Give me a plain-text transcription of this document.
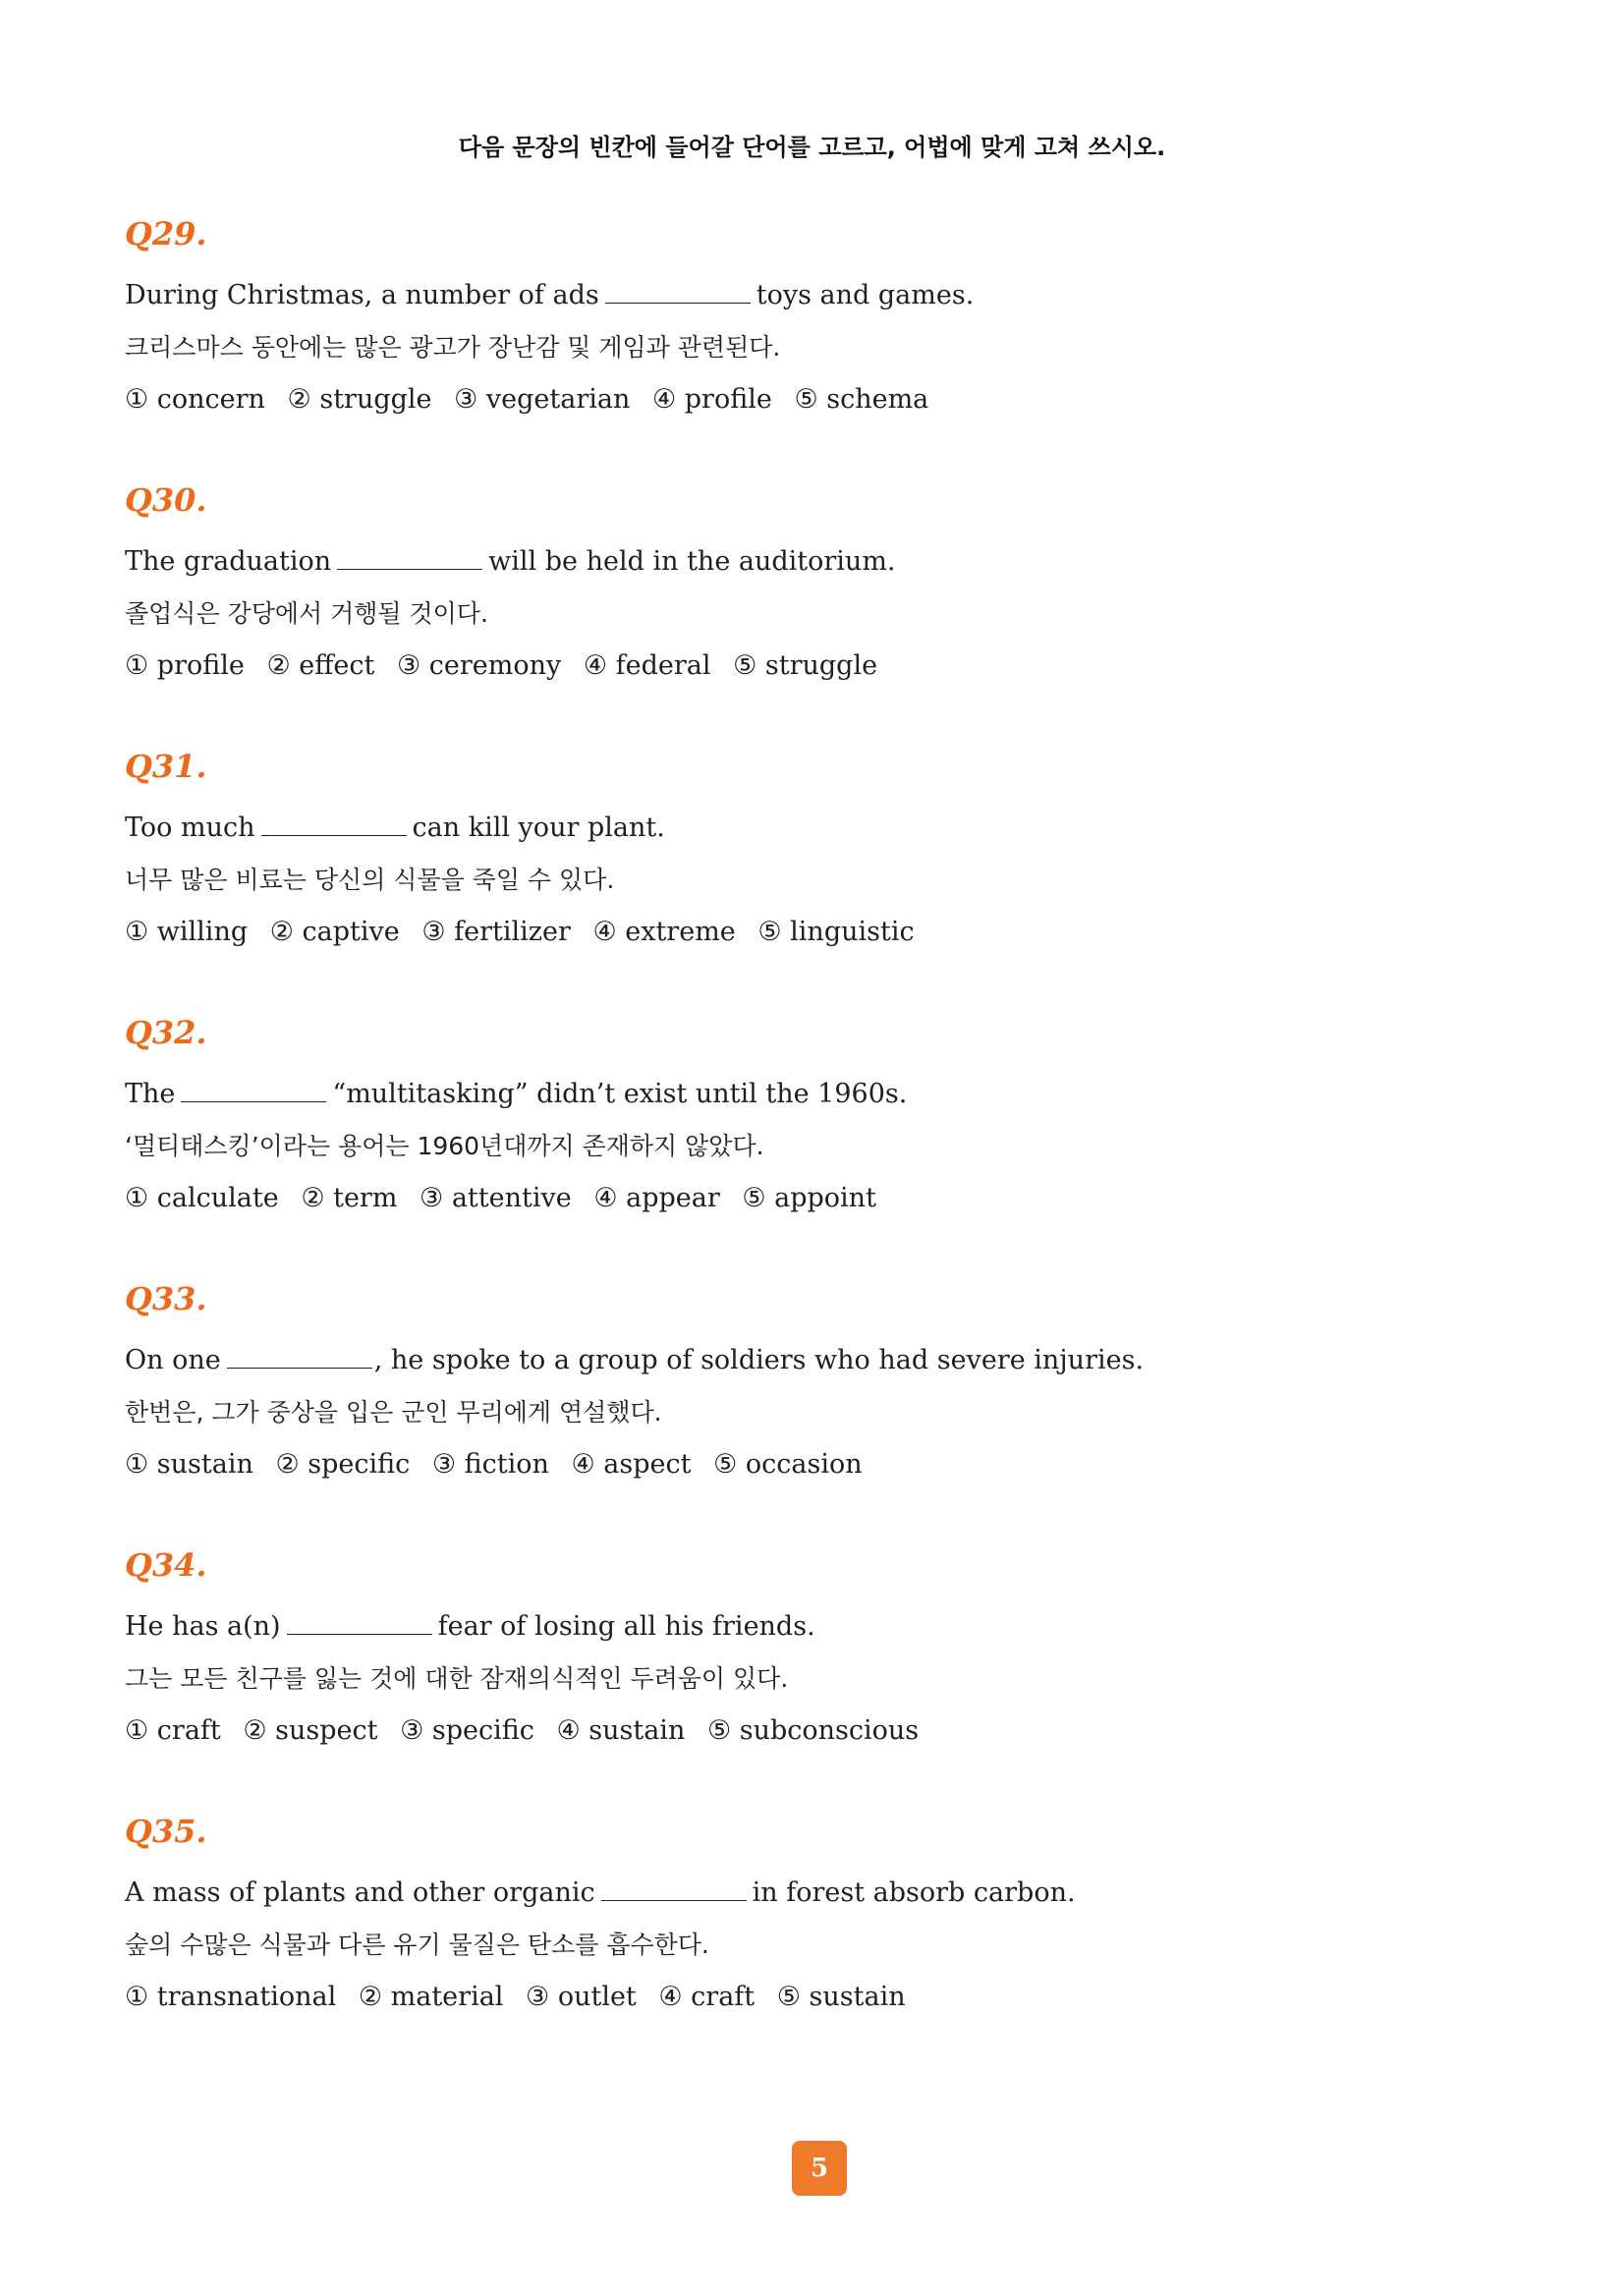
다음 문장의 빈칸에 들어갈 단어를 고르고, 어법에 맞게 고쳐 쓰시오.
Q29.
During Christmas, a number of ads	toys and games.
크리스마스 동안에는 많은 광고가 장난감 및 게임과 관련된다.
① concern ② struggle ③ vegetarian ④ profile ⑤ schema
Q30.
The graduation	will be held in the auditorium.
졸업식은 강당에서 거행될 것이다.
① profile ② effect ③ ceremony ④ federal ⑤ struggle
Q31.
Too much	can kill your plant.
너무 많은 비료는 당신의 식물을 죽일 수 있다.
① willing ② captive ③ fertilizer ④ extreme ⑤ linguistic
Q32.
The	“multitasking” didn’t exist until the 1960s.
‘멀티태스킹’이라는 용어는 1960년대까지 존재하지 않았다.
① calculate ② term ③ attentive ④ appear ⑤ appoint
Q33.
On one	, he spoke to a group of soldiers who had severe injuries.
한번은, 그가 중상을 입은 군인 무리에게 연설했다.
① sustain ② specific ③ fiction ④ aspect ⑤ occasion
Q34.
He has a(n)	fear of losing all his friends.
그는 모든 친구를 잃는 것에 대한 잠재의식적인 두려움이 있다.
① craft ② suspect ③ specific ④ sustain ⑤ subconscious
Q35.
A mass of plants and other organic	in forest absorb carbon.
숲의 수많은 식물과 다른 유기 물질은 탄소를 흡수한다.
① transnational ② material ③ outlet ④ craft ⑤ sustain
5
